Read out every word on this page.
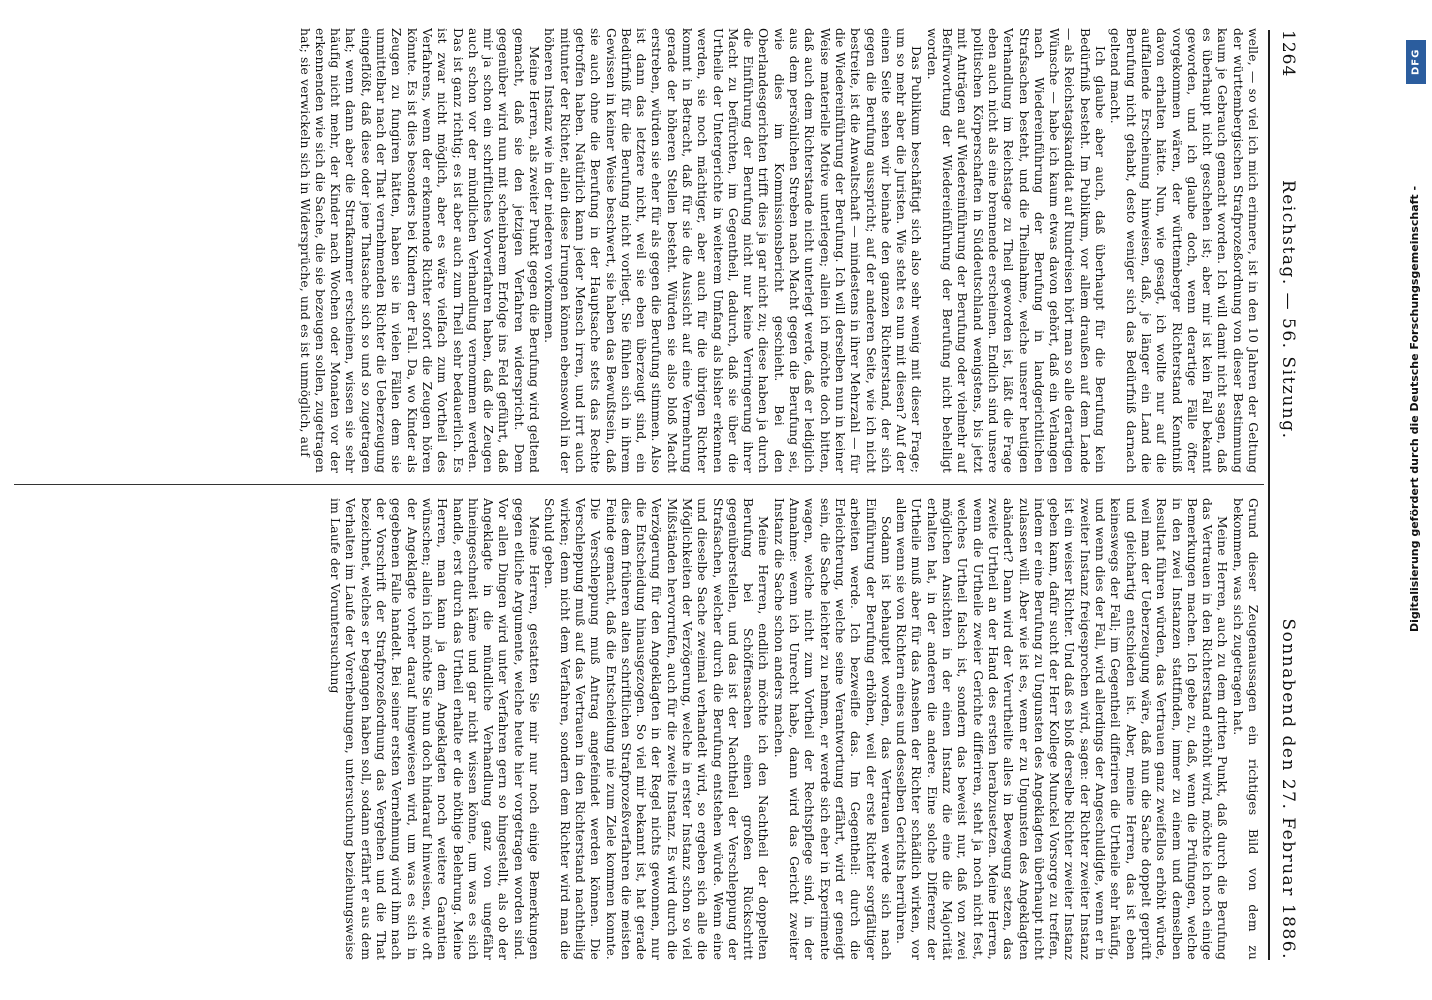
1264
Reichstag. — 56. Sitzung.
Sonnabend den 27. Februar 1886.

welle, — so viel ich mich erinnere, ist in den 10 Jahren der Geltung der württembergischen Strafprozeßordnung von dieser Bestimmung kaum je Gebrauch gemacht worden. Ich will damit nicht sagen, daß es überhaupt nicht geschehen ist; aber mir ist kein Fall bekannt geworden, und ich glaube doch, wenn derartige Fälle öfter vorgekommen wären, der württemberger Richterstand Kenntniß davon erhalten hätte. Nun, wie gesagt, ich wollte nur auf die auffallende Erscheinung hinweisen, daß, je länger ein Land die Berufung nicht gehabt, desto weniger sich das Bedürfniß darnach geltend macht.

Ich glaube aber auch, daß überhaupt für die Berufung kein Bedürfniß besteht. Im Publikum, vor allem draußen auf dem Lande — als Reichstagskandidat auf Rundreisen hört man so alle derartigen Wünsche — habe ich kaum etwas davon gehört, daß ein Verlangen nach Wiedereinführung der Berufung in landgerichtlichen Strafsachen besteht, und die Theilnahme, welche unserer heutigen Verhandlung im Reichstage zu Theil geworden ist, läßt die Frage eben auch nicht als eine brennende erscheinen. Endlich sind unsere politischen Körperschaften in Süddeutschland wenigstens, bis jetzt mit Anträgen auf Wiedereinführung der Berufung oder vielmehr auf Befürwortung der Wiedereinführung der Berufung nicht behelligt worden.

Das Publikum beschäftigt sich also sehr wenig mit dieser Frage; um so mehr aber die Juristen. Wie steht es nun mit diesen? Auf der einen Seite sehen wir beinahe den ganzen Richterstand, der sich gegen die Berufung ausspricht; auf der anderen Seite, wie ich nicht bestreite, ist die Anwaltschaft — mindestens in ihrer Mehrzahl — für die Wiedereinführung der Berufung. Ich will derselben nun in keiner Weise materielle Motive unterlegen; allein ich möchte doch bitten, daß auch dem Richterstande nicht unterlegt werde, daß er lediglich aus dem persönlichen Streben nach Macht gegen die Berufung sei, wie dies im Kommissionsbericht geschieht. Bei den Oberlandesgerichten trifft dies ja gar nicht zu; diese haben ja durch die Einführung der Berufung nicht nur keine Verringerung ihrer Macht zu befürchten, im Gegentheil, dadurch, daß sie über die Urtheile der Untergerichte in weiterem Umfang als bisher erkennen werden, sie noch mächtiger, aber auch für die übrigen Richter kommt in Betracht, daß für sie die Aussicht auf eine Vermehrung gerade der höheren Stellen besteht. Würden sie also bloß Macht erstreben, würden sie eher für als gegen die Berufung stimmen. Also ist dann das letztere nicht, weil sie eben überzeugt sind, ein Bedürfniß für die Berufung nicht vorliegt. Sie fühlen sich in ihrem Gewissen in keiner Weise beschwert, sie haben das Bewußtsein, daß sie auch ohne die Berufung in der Hauptsache stets das Rechte getroffen haben. Natürlich kann jeder Mensch irren, und irrt auch mitunter der Richter, allein diese Irrungen können ebensowohl in der höheren Instanz wie in der niederen vorkommen.

Meine Herren, als zweiter Punkt gegen die Berufung wird geltend gemacht, daß sie den jetzigen Verfahren widerspricht. Dem gegenüber wird nun mit scheinbarem Erfolge ins Feld geführt, daß mir ja schon ein schriftliches Vorverfahren haben, daß die Zeugen auch schon vor der mündlichen Verhandlung vernommen werden. Das ist ganz richtig; es ist aber auch zum Theil sehr bedauerlich. Es ist zwar nicht möglich, aber es wäre vielfach zum Vortheil des Verfahrens, wenn der erkennende Richter sofort die Zeugen hören könnte. Es ist dies besonders bei Kindern der Fall. Da, wo Kinder als Zeugen zu fungiren hätten, haben sie in vielen Fällen dem sie unmittelbar nach der That vernehmenden Richter die Ueberzeugung eingeflößt, daß diese oder jene Thatsache sich so und so zugetragen hat; wenn dann aber die Strafkammer erscheinen, wissen sie sehr häufig nicht mehr, der Kinder nach Wochen oder Monaten vor der erkennenden wie sich die Sache, die sie bezeugen sollen, zugetragen hat; sie verwickeln sich in Widersprüche, und es ist unmöglich, auf

Grund dieser Zeugenaussagen ein richtiges Bild von dem zu bekommen, was sich zugetragen hat.

Meine Herren, auch zu dem dritten Punkt, daß durch die Berufung das Vertrauen in den Richterstand erhöht wird, möchte ich noch einige Bemerkungen machen. Ich gebe zu, daß, wenn die Prüfungen, welche in den zwei Instanzen stattfinden, immer zu einem und demselben Resultat führen würden, das Vertrauen ganz zweifellos erhöht würde, weil man der Ueberzeugung wäre, daß nun die Sache doppelt geprüft und gleichartig entschieden ist. Aber, meine Herren, das ist eben keineswegs der Fall; im Gegentheil differiren die Urtheile sehr häufig, und wenn dies der Fall, wird allerdings der Angeschuldigte, wenn er in zweiter Instanz freigesprochen wird, sagen: der Richter zweiter Instanz ist ein weiser Richter. Und daß es bloß derselbe Richter zweiter Instanz geben kann, dafür sucht der Herr Kollege Munckel Vorsorge zu treffen, indem er eine Berufung zu Ungunsten des Angeklagten überhaupt nicht zulassen will. Aber wie ist es, wenn er zu Ungunsten des Angeklagten abändert? Dann wird der Verurtheilte alles in Bewegung setzen, das zweite Urtheil an der Hand des ersten herabzusetzen. Meine Herren, wenn die Urtheile zweier Gerichte differiren, steht ja noch nicht fest, welches Urtheil falsch ist, sondern das beweist nur, daß von zwei möglichen Ansichten in der einen Instanz die eine die Majorität erhalten hat, in der anderen die andere. Eine solche Differenz der Urtheile muß aber für das Ansehen der Richter schädlich wirken, vor allem wenn sie von Richtern eines und desselben Gerichts herrühren.

Sodann ist behauptet worden, das Vertrauen werde sich nach Einführung der Berufung erhöhen, weil der erste Richter sorgfältiger arbeiten werde. Ich bezweifle das. Im Gegentheil: durch die Erleichterung, welche seine Verantwortung erfährt, wird er geneigt sein, die Sache leichter zu nehmen, er werde sich eher in Experimente wagen, welche nicht zum Vortheil der Rechtspflege sind, in der Annahme: wenn ich Unrecht habe, dann wird das Gericht zweiter Instanz die Sache schon anders machen.

Meine Herren, endlich möchte ich den Nachtheil der doppelten Berufung bei Schöffensachen einen großen Rückschritt gegenüberstellen, und das ist der Nachtheil der Verschleppung der Strafsachen, welcher durch die Berufung entstehen würde. Wenn eine und dieselbe Sache zweimal verhandelt wird, so ergeben sich alle die Möglichkeiten der Verzögerung, welche in erster Instanz schon so viel Mißständen hervorrufen, auch für die zweite Instanz. Es wird durch die Verzögerung für den Angeklagten in der Regel nichts gewonnen, nur die Entscheidung hinausgezogen. So viel mir bekannt ist, hat gerade dies dem früheren alten schriftlichen Strafprozeßverfahren die meisten Feinde gemacht, daß die Entscheidung nie zum Ziele kommen konnte. Die Verschleppung muß Antrag angefeindet werden können. Die Verschleppung muß auf das Vertrauen in den Richterstand nachtheilig wirken; denn nicht dem Verfahren, sondern dem Richter wird man die Schuld geben.

Meine Herren, gestatten Sie mir nur noch einige Bemerkungen gegen etliche Argumente, welche heute hier vorgetragen worden sind. Vor allen Dingen wird unter Verfahren gern so hingestellt, als ob der Angeklagte in die mündliche Verhandlung ganz von ungefähr hineingeschneit käme und gar nicht wissen könne, um was es sich handle, erst durch das Urtheil erhalte er die nöthige Belehrung. Meine Herren, man kann ja dem Angeklagten noch weitere Garantien wünschen; allein ich möchte Sie nun doch hindarauf hinweisen, wie oft der Angeklagte vorher darauf hingewiesen wird, um was es sich in gegebenen Falle handelt. Bei seiner ersten Vernehmung wird ihm nach der Vorschrift der Strafprozeßordnung das Vergehen und die That bezeichnet, welches er begangen haben soll, sodann erfährt er aus dem Verhalten im Laufe der Vorerhebungen, untersuchung beziehungsweise im Laufe der Voruntersuchung

DFG
Digitalisierung gefördert durch die Deutsche Forschungsgemeinschaft -
